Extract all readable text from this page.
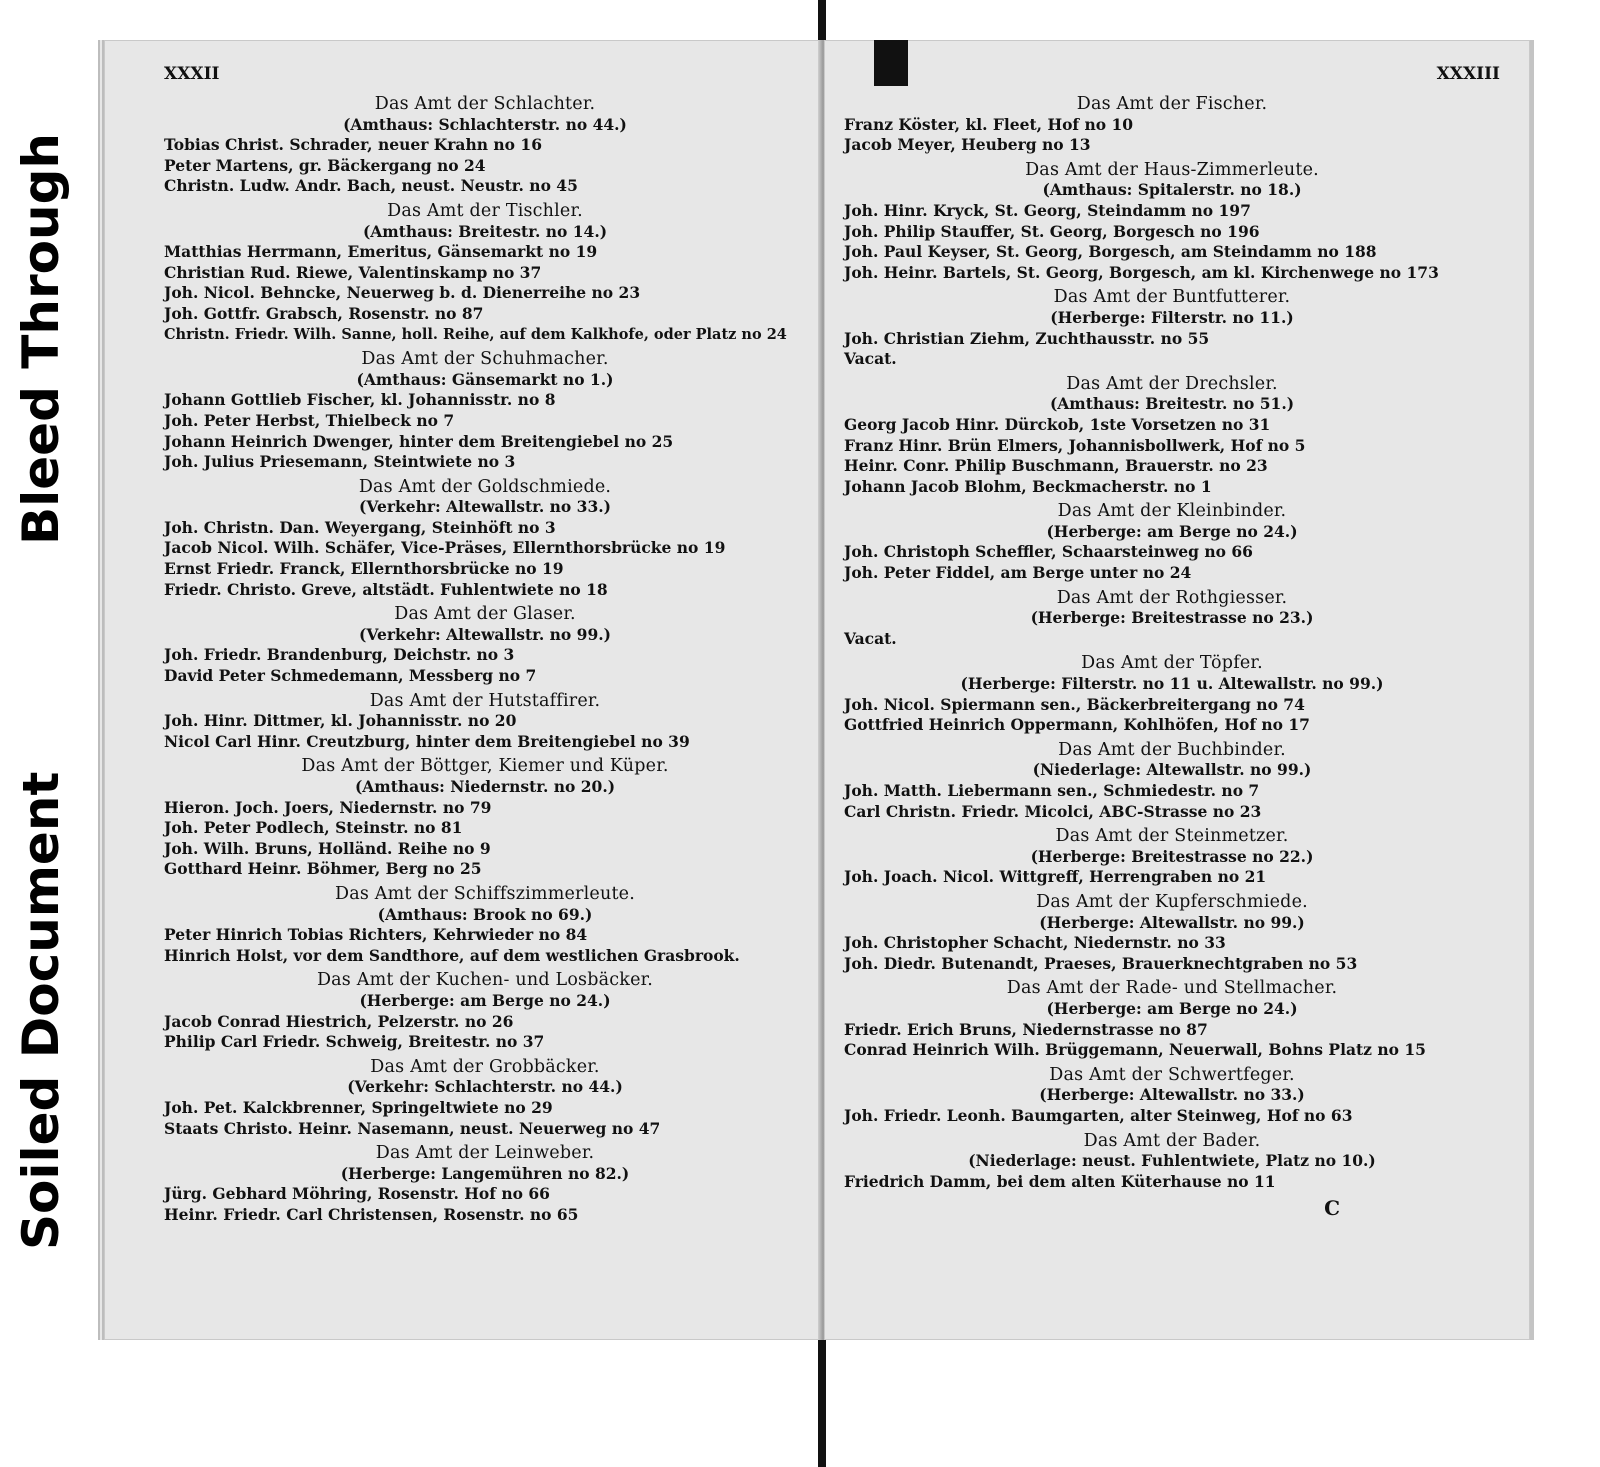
Bleed Through
Soiled Document
XXXII
Das Amt der Schlachter.
(Amthaus: Schlachterstr. no 44.)
Tobias Christ. Schrader, neuer Krahn no 16
Peter Martens, gr. Bäckergang no 24
Christn. Ludw. Andr. Bach, neust. Neustr. no 45
Das Amt der Tischler.
(Amthaus: Breitestr. no 14.)
Matthias Herrmann, Emeritus, Gänsemarkt no 19
Christian Rud. Riewe, Valentinskamp no 37
Joh. Nicol. Behncke, Neuerweg b. d. Dienerreihe no 23
Joh. Gottfr. Grabsch, Rosenstr. no 87
Christn. Friedr. Wilh. Sanne, holl. Reihe, auf dem Kalkhofe, oder Platz no 24
Das Amt der Schuhmacher.
(Amthaus: Gänsemarkt no 1.)
Johann Gottlieb Fischer, kl. Johannisstr. no 8
Joh. Peter Herbst, Thielbeck no 7
Johann Heinrich Dwenger, hinter dem Breitengiebel no 25
Joh. Julius Priesemann, Steintwiete no 3
Das Amt der Goldschmiede.
(Verkehr: Altewallstr. no 33.)
Joh. Christn. Dan. Weyergang, Steinhöft no 3
Jacob Nicol. Wilh. Schäfer, Vice-Präses, Ellernthorsbrücke no 19
Ernst Friedr. Franck, Ellernthorsbrücke no 19
Friedr. Christo. Greve, altstädt. Fuhlentwiete no 18
Das Amt der Glaser.
(Verkehr: Altewallstr. no 99.)
Joh. Friedr. Brandenburg, Deichstr. no 3
David Peter Schmedemann, Messberg no 7
Das Amt der Hutstaffirer.
Joh. Hinr. Dittmer, kl. Johannisstr. no 20
Nicol Carl Hinr. Creutzburg, hinter dem Breitengiebel no 39
Das Amt der Böttger, Kiemer und Küper.
(Amthaus: Niedernstr. no 20.)
Hieron. Joch. Joers, Niedernstr. no 79
Joh. Peter Podlech, Steinstr. no 81
Joh. Wilh. Bruns, Holländ. Reihe no 9
Gotthard Heinr. Böhmer, Berg no 25
Das Amt der Schiffszimmerleute.
(Amthaus: Brook no 69.)
Peter Hinrich Tobias Richters, Kehrwieder no 84
Hinrich Holst, vor dem Sandthore, auf dem westlichen Grasbrook.
Das Amt der Kuchen- und Losbäcker.
(Herberge: am Berge no 24.)
Jacob Conrad Hiestrich, Pelzerstr. no 26
Philip Carl Friedr. Schweig, Breitestr. no 37
Das Amt der Grobbäcker.
(Verkehr: Schlachterstr. no 44.)
Joh. Pet. Kalckbrenner, Springeltwiete no 29
Staats Christo. Heinr. Nasemann, neust. Neuerweg no 47
Das Amt der Leinweber.
(Herberge: Langemühren no 82.)
Jürg. Gebhard Möhring, Rosenstr. Hof no 66
Heinr. Friedr. Carl Christensen, Rosenstr. no 65
XXXIII
Das Amt der Fischer.
Franz Köster, kl. Fleet, Hof no 10
Jacob Meyer, Heuberg no 13
Das Amt der Haus-Zimmerleute.
(Amthaus: Spitalerstr. no 18.)
Joh. Hinr. Kryck, St. Georg, Steindamm no 197
Joh. Philip Stauffer, St. Georg, Borgesch no 196
Joh. Paul Keyser, St. Georg, Borgesch, am Steindamm no 188
Joh. Heinr. Bartels, St. Georg, Borgesch, am kl. Kirchenwege no 173
Das Amt der Buntfutterer.
(Herberge: Filterstr. no 11.)
Joh. Christian Ziehm, Zuchthausstr. no 55
Vacat.
Das Amt der Drechsler.
(Amthaus: Breitestr. no 51.)
Georg Jacob Hinr. Dürckob, 1ste Vorsetzen no 31
Franz Hinr. Brün Elmers, Johannisbollwerk, Hof no 5
Heinr. Conr. Philip Buschmann, Brauerstr. no 23
Johann Jacob Blohm, Beckmacherstr. no 1
Das Amt der Kleinbinder.
(Herberge: am Berge no 24.)
Joh. Christoph Scheffler, Schaarsteinweg no 66
Joh. Peter Fiddel, am Berge unter no 24
Das Amt der Rothgiesser.
(Herberge: Breitestrasse no 23.)
Vacat.
Das Amt der Töpfer.
(Herberge: Filterstr. no 11 u. Altewallstr. no 99.)
Joh. Nicol. Spiermann sen., Bäckerbreitergang no 74
Gottfried Heinrich Oppermann, Kohlhöfen, Hof no 17
Das Amt der Buchbinder.
(Niederlage: Altewallstr. no 99.)
Joh. Matth. Liebermann sen., Schmiedestr. no 7
Carl Christn. Friedr. Micolci, ABC-Strasse no 23
Das Amt der Steinmetzer.
(Herberge: Breitestrasse no 22.)
Joh. Joach. Nicol. Wittgreff, Herrengraben no 21
Das Amt der Kupferschmiede.
(Herberge: Altewallstr. no 99.)
Joh. Christopher Schacht, Niedernstr. no 33
Joh. Diedr. Butenandt, Praeses, Brauerknechtgraben no 53
Das Amt der Rade- und Stellmacher.
(Herberge: am Berge no 24.)
Friedr. Erich Bruns, Niedernstrasse no 87
Conrad Heinrich Wilh. Brüggemann, Neuerwall, Bohns Platz no 15
Das Amt der Schwertfeger.
(Herberge: Altewallstr. no 33.)
Joh. Friedr. Leonh. Baumgarten, alter Steinweg, Hof no 63
Das Amt der Bader.
(Niederlage: neust. Fuhlentwiete, Platz no 10.)
Friedrich Damm, bei dem alten Küterhause no 11
C
